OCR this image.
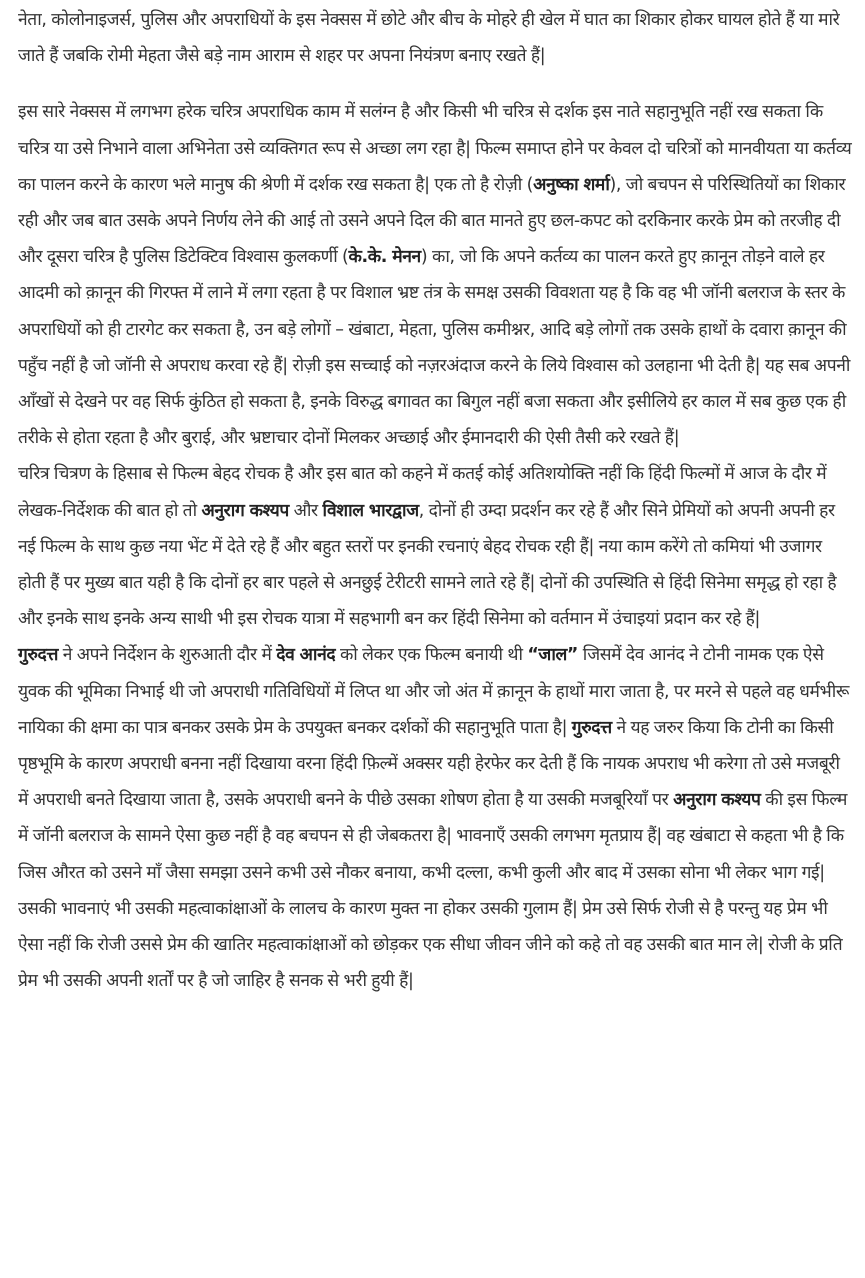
नेता, कोलोनाइजर्स, पुलिस और अपराधियों के इस नेक्सस में छोटे और बीच के मोहरे ही खेल में घात का शिकार होकर घायल होते हैं या मारे जाते हैं जबकि रोमी मेहता जैसे बड़े नाम आराम से शहर पर अपना नियंत्रण बनाए रखते हैं|

इस सारे नेक्सस में लगभग हरेक चरित्र अपराधिक काम में सलंग्न है और किसी भी चरित्र से दर्शक इस नाते सहानुभूति नहीं रख सकता कि चरित्र या उसे निभाने वाला अभिनेता उसे व्यक्तिगत रूप से अच्छा लग रहा है| फिल्म समाप्त होने पर केवल दो चरित्रों को मानवीयता या कर्तव्य का पालन करने के कारण भले मानुष की श्रेणी में दर्शक रख सकता है| एक तो है रोज़ी (अनुष्का शर्मा), जो बचपन से परिस्थितियों का शिकार रही और जब बात उसके अपने निर्णय लेने की आई तो उसने अपने दिल की बात मानते हुए छल-कपट को दरकिनार करके प्रेम को तरजीह दी और दूसरा चरित्र है पुलिस डिटेक्टिव विश्वास कुलकर्णी (के.के. मेनन) का, जो कि अपने कर्तव्य का पालन करते हुए क़ानून तोड़ने वाले हर आदमी को क़ानून की गिरफ्त में लाने में लगा रहता है पर विशाल भ्रष्ट तंत्र के समक्ष उसकी विवशता यह है कि वह भी जॉनी बलराज के स्तर के अपराधियों को ही टारगेट कर सकता है, उन बड़े लोगों – खंबाटा, मेहता, पुलिस कमीश्नर, आदि बड़े लोगों तक उसके हाथों के दवारा क़ानून की पहुँच नहीं है जो जॉनी से अपराध करवा रहे हैं| रोज़ी इस सच्चाई को नज़रअंदाज करने के लिये विश्वास को उलहाना भी देती है| यह सब अपनी आँखों से देखने पर वह सिर्फ कुंठित हो सकता है, इनके विरुद्ध बगावत का बिगुल नहीं बजा सकता और इसीलिये हर काल में सब कुछ एक ही तरीके से होता रहता है और बुराई, और भ्रष्टाचार दोनों मिलकर अच्छाई और ईमानदारी की ऐसी तैसी करे रखते हैं|

चरित्र चित्रण के हिसाब से फिल्म बेहद रोचक है और इस बात को कहने में कतई कोई अतिशयोक्ति नहीं कि हिंदी फिल्मों में आज के दौर में लेखक-निर्देशक की बात हो तो अनुराग कश्यप और विशाल भारद्वाज, दोनों ही उम्दा प्रदर्शन कर रहे हैं और सिने प्रेमियों को अपनी अपनी हर नई फिल्म के साथ कुछ नया भेंट में देते रहे हैं और बहुत स्तरों पर इनकी रचनाएं बेहद रोचक रही हैं| नया काम करेंगे तो कमियां भी उजागर होती हैं पर मुख्य बात यही है कि दोनों हर बार पहले से अनछुई टेरीटरी सामने लाते रहे हैं| दोनों की उपस्थिति से हिंदी सिनेमा समृद्ध हो रहा है और इनके साथ इनके अन्य साथी भी इस रोचक यात्रा में सहभागी बन कर हिंदी सिनेमा को वर्तमान में उंचाइयां प्रदान कर रहे हैं|

गुरुदत्त ने अपने निर्देशन के शुरुआती दौर में देव आनंद को लेकर एक फिल्म बनायी थी “जाल” जिसमें देव आनंद ने टोनी नामक एक ऐसे युवक की भूमिका निभाई थी जो अपराधी गतिविधियों में लिप्त था और जो अंत में क़ानून के हाथों मारा जाता है, पर मरने से पहले वह धर्मभीरू नायिका की क्षमा का पात्र बनकर उसके प्रेम के उपयुक्त बनकर दर्शकों की सहानुभूति पाता है| गुरुदत्त ने यह जरुर किया कि टोनी का किसी पृष्ठभूमि के कारण अपराधी बनना नहीं दिखाया वरना हिंदी फ़िल्में अक्सर यही हेरफेर कर देती हैं कि नायक अपराध भी करेगा तो उसे मजबूरी में अपराधी बनते दिखाया जाता है, उसके अपराधी बनने के पीछे उसका शोषण होता है या उसकी मजबूरियाँ पर अनुराग कश्यप की इस फिल्म में जॉनी बलराज के सामने ऐसा कुछ नहीं है वह बचपन से ही जेबकतरा है| भावनाएँ उसकी लगभग मृतप्राय हैं| वह खंबाटा से कहता भी है कि जिस औरत को उसने माँ जैसा समझा उसने कभी उसे नौकर बनाया, कभी दल्ला, कभी कुली और बाद में उसका सोना भी लेकर भाग गई| उसकी भावनाएं भी उसकी महत्वाकांक्षाओं के लालच के कारण मुक्त ना होकर उसकी गुलाम हैं| प्रेम उसे सिर्फ रोजी से है परन्तु यह प्रेम भी ऐसा नहीं कि रोजी उससे प्रेम की खातिर महत्वाकांक्षाओं को छोड़कर एक सीधा जीवन जीने को कहे तो वह उसकी बात मान ले| रोजी के प्रति प्रेम भी उसकी अपनी शर्तों पर है जो जाहिर है सनक से भरी हुयी हैं|
